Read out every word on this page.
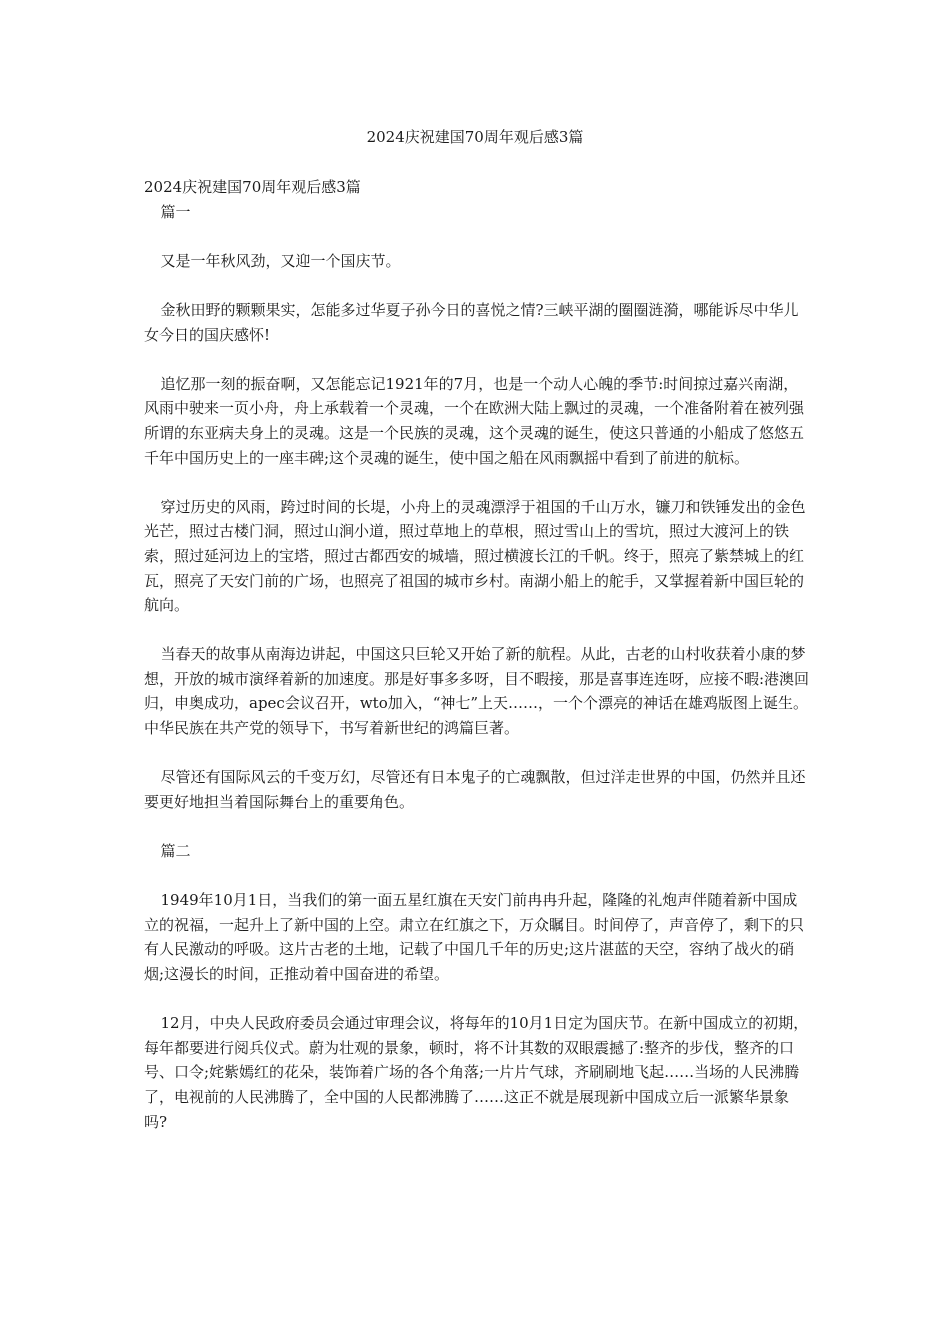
2024庆祝建国70周年观后感3篇

2024庆祝建国70周年观后感3篇

篇一

又是一年秋风劲，又迎一个国庆节。

金秋田野的颗颗果实，怎能多过华夏子孙今日的喜悦之情?三峡平湖的圈圈涟漪，哪能诉尽中华儿女今日的国庆感怀!

追忆那一刻的振奋啊，又怎能忘记1921年的7月，也是一个动人心魄的季节:时间掠过嘉兴南湖，风雨中驶来一页小舟，舟上承载着一个灵魂，一个在欧洲大陆上飘过的灵魂，一个准备附着在被列强所谓的东亚病夫身上的灵魂。这是一个民族的灵魂，这个灵魂的诞生，使这只普通的小船成了悠悠五千年中国历史上的一座丰碑;这个灵魂的诞生，使中国之船在风雨飘摇中看到了前进的航标。

穿过历史的风雨，跨过时间的长堤，小舟上的灵魂漂浮于祖国的千山万水，镰刀和铁锤发出的金色光芒，照过古楼门洞，照过山涧小道，照过草地上的草根，照过雪山上的雪坑，照过大渡河上的铁索，照过延河边上的宝塔，照过古都西安的城墙，照过横渡长江的千帆。终于，照亮了紫禁城上的红瓦，照亮了天安门前的广场，也照亮了祖国的城市乡村。南湖小船上的舵手，又掌握着新中国巨轮的航向。

当春天的故事从南海边讲起，中国这只巨轮又开始了新的航程。从此，古老的山村收获着小康的梦想，开放的城市演绎着新的加速度。那是好事多多呀，目不暇接，那是喜事连连呀，应接不暇:港澳回归，申奥成功，apec会议召开，wto加入，“神七”上天……，一个个漂亮的神话在雄鸡版图上诞生。中华民族在共产党的领导下，书写着新世纪的鸿篇巨著。

尽管还有国际风云的千变万幻，尽管还有日本鬼子的亡魂飘散，但过洋走世界的中国，仍然并且还要更好地担当着国际舞台上的重要角色。

篇二

1949年10月1日，当我们的第一面五星红旗在天安门前冉冉升起，隆隆的礼炮声伴随着新中国成立的祝福，一起升上了新中国的上空。肃立在红旗之下，万众瞩目。时间停了，声音停了，剩下的只有人民激动的呼吸。这片古老的土地，记载了中国几千年的历史;这片湛蓝的天空，容纳了战火的硝烟;这漫长的时间，正推动着中国奋进的希望。

12月，中央人民政府委员会通过审理会议，将每年的10月1日定为国庆节。在新中国成立的初期，每年都要进行阅兵仪式。蔚为壮观的景象，顿时，将不计其数的双眼震撼了:整齐的步伐，整齐的口号、口令;姹紫嫣红的花朵，装饰着广场的各个角落;一片片气球，齐刷刷地飞起……当场的人民沸腾了，电视前的人民沸腾了，全中国的人民都沸腾了……这正不就是展现新中国成立后一派繁华景象吗?
